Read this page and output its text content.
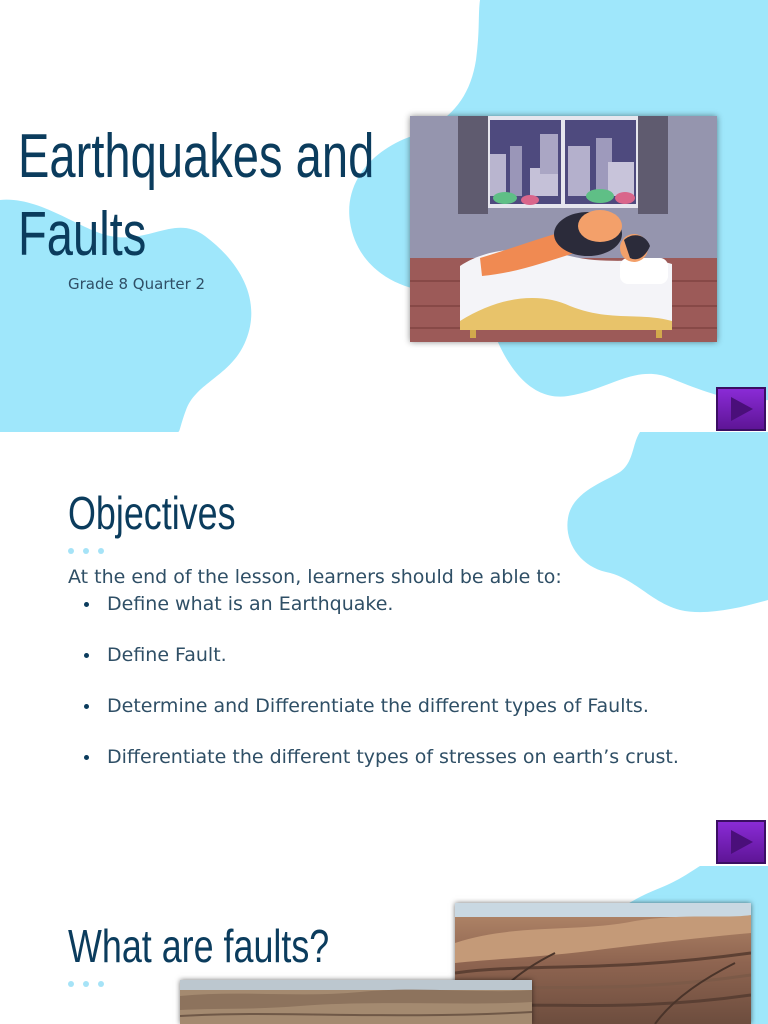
Earthquakes and
Faults
Grade 8 Quarter 2
Objectives
At the end of the lesson, learners should be able to:
Define what is an Earthquake.
Define Fault.
Determine and Differentiate the different types of Faults.
Differentiate the different types of stresses on earth’s crust.
What are faults?
